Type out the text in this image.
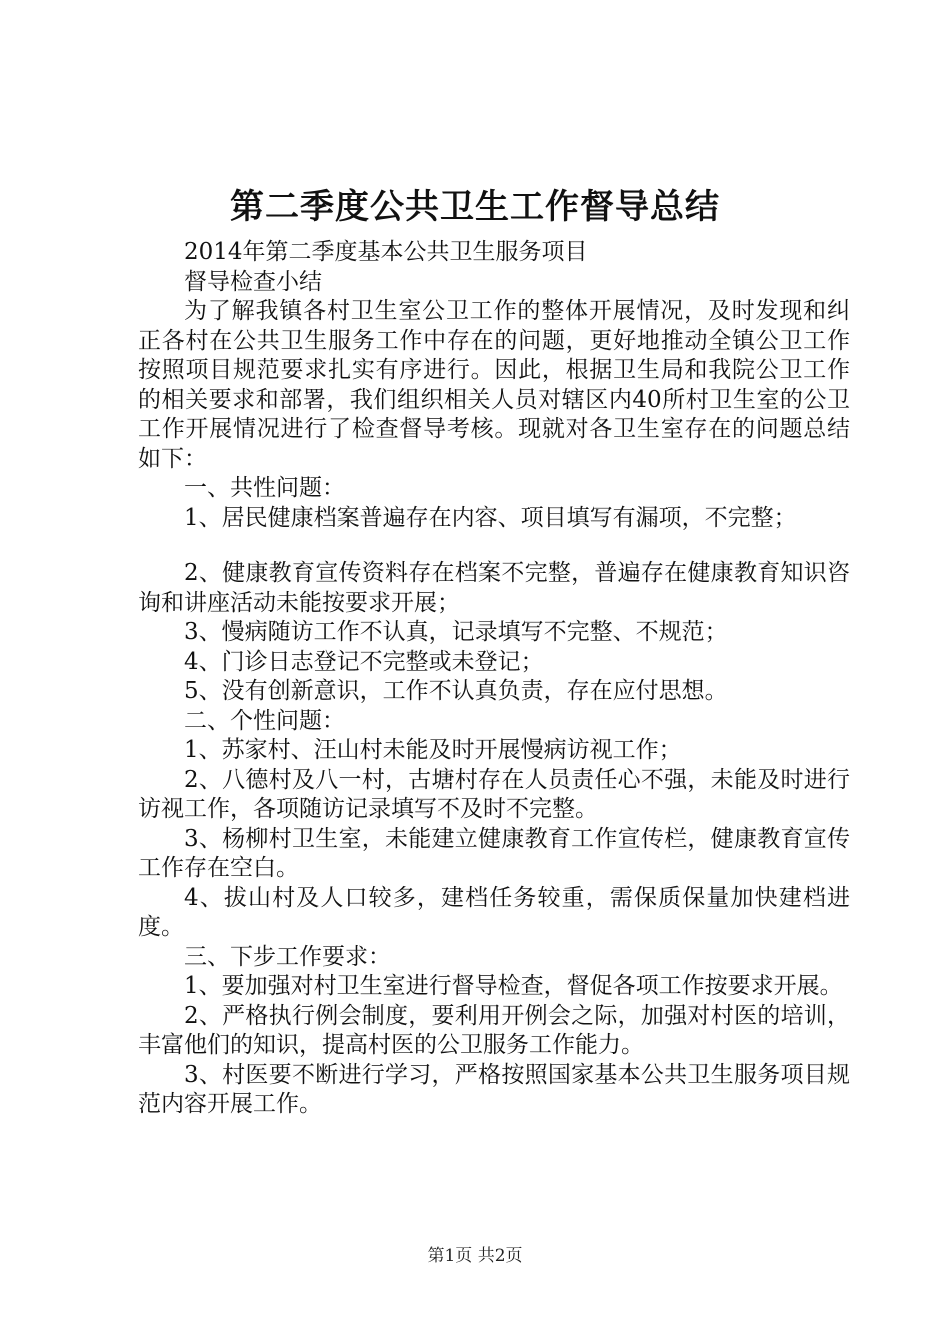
第二季度公共卫生工作督导总结

2014年第二季度基本公共卫生服务项目

督导检查小结

为了解我镇各村卫生室公卫工作的整体开展情况，及时发现和纠正各村在公共卫生服务工作中存在的问题，更好地推动全镇公卫工作按照项目规范要求扎实有序进行。因此，根据卫生局和我院公卫工作的相关要求和部署，我们组织相关人员对辖区内40所村卫生室的公卫工作开展情况进行了检查督导考核。现就对各卫生室存在的问题总结如下：

一、共性问题：

1、居民健康档案普遍存在内容、项目填写有漏项，不完整；

2、健康教育宣传资料存在档案不完整，普遍存在健康教育知识咨询和讲座活动未能按要求开展；

3、慢病随访工作不认真，记录填写不完整、不规范；

4、门诊日志登记不完整或未登记；

5、没有创新意识，工作不认真负责，存在应付思想。

二、个性问题：

1、苏家村、汪山村未能及时开展慢病访视工作；

2、八德村及八一村，古塘村存在人员责任心不强，未能及时进行访视工作，各项随访记录填写不及时不完整。

3、杨柳村卫生室，未能建立健康教育工作宣传栏，健康教育宣传工作存在空白。

4、拔山村及人口较多，建档任务较重，需保质保量加快建档进度。

三、下步工作要求：

1、要加强对村卫生室进行督导检查，督促各项工作按要求开展。

2、严格执行例会制度，要利用开例会之际，加强对村医的培训，丰富他们的知识，提高村医的公卫服务工作能力。

3、村医要不断进行学习，严格按照国家基本公共卫生服务项目规范内容开展工作。

第1页 共2页
